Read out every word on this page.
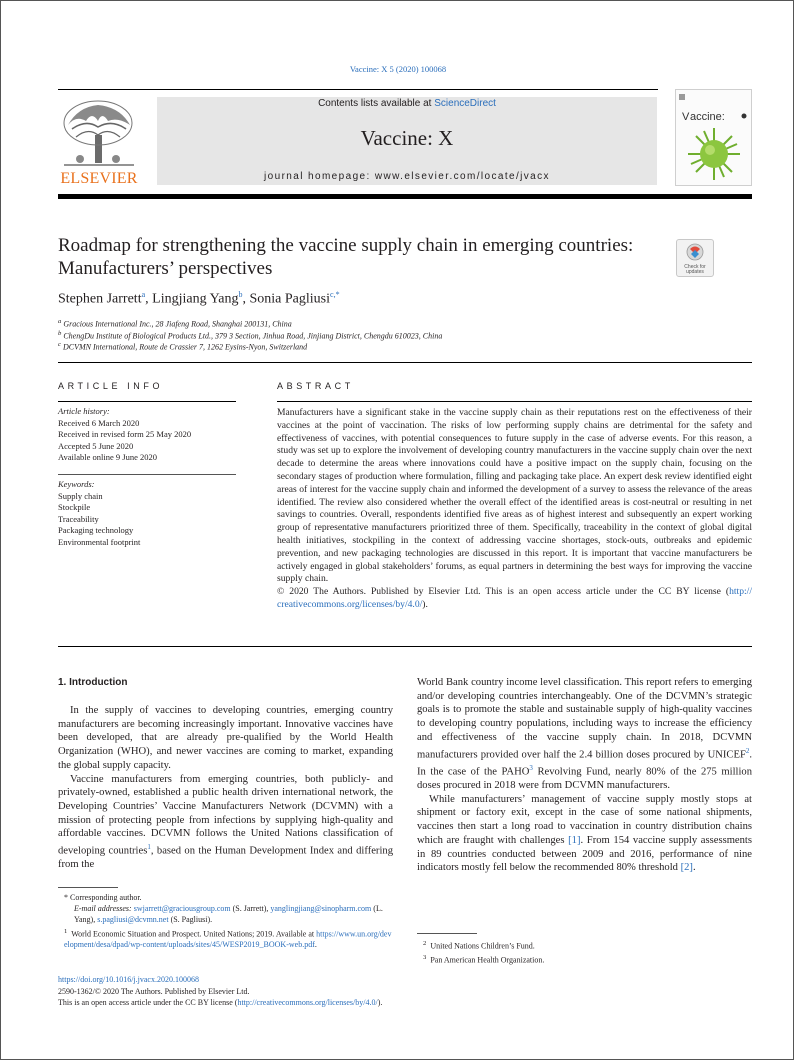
Vaccine: X 5 (2020) 100068
ELSEVIER
Contents lists available at ScienceDirect
Vaccine: X
journal homepage: www.elsevier.com/locate/jvacx
V accine:
Roadmap for strengthening the vaccine supply chain in emerging countries: Manufacturers’ perspectives	Check for
updates
Stephen Jarrett$^a$, Lingjiang Yang$^b$, Sonia Pagliusi$^{c,*}$
$^a$ Gracious International Inc., 28 Jiafeng Road, Shanghai 200131, China
$^b$ ChengDu Institute of Biological Products Ltd., 379 3 Section, Jinhua Road, Jinjiang District, Chengdu 610023, China
$^c$ DCVMN International, Route de Crassier 7, 1262 Eysins-Nyon, Switzerland
ARTICLE INFO
Article history:
Received 6 March 2020
Received in revised form 25 May 2020
Accepted 5 June 2020
Available online 9 June 2020
Keywords:
Supply chain
Stockpile
Traceability
Packaging technology
Environmental footprint
ABSTRACT
Manufacturers have a significant stake in the vaccine supply chain as their reputations rest on the effectiveness of their vaccines at the point of vaccination. The risks of low performing supply chains are detrimental for the safety and effectiveness of vaccines, with potential consequences to future supply in the case of adverse events. For this reason, a study was set up to explore the involvement of developing country manufacturers in the vaccine supply chain over the next decade to determine the areas where innovations could have a positive impact on the supply chain, focusing on the secondary stages of production where formulation, filling and packaging take place. An expert desk review identified eight areas of interest for the vaccine supply chain and informed the development of a survey to assess the relevance of the areas identified. The review also considered whether the overall effect of the identified areas is cost-neutral or resulting in net savings to countries. Overall, respondents identified five areas as of highest interest and subsequently an expert working group of representative manufacturers prioritized three of them. Specifically, traceability in the context of global digital health initiatives, stockpiling in the context of addressing vaccine shortages, stock-outs, outbreaks and epidemic prevention, and new packaging technologies are discussed in this report. It is important that vaccine manufacturers be actively engaged in global stakeholders’ forums, as equal partners in determining the best ways for improving the vaccine supply chain.
© 2020 The Authors. Published by Elsevier Ltd. This is an open access article under the CC BY license (http:// creativecommons.org/licenses/by/4.0/).
1. Introduction

In the supply of vaccines to developing countries, emerging country manufacturers are becoming increasingly important. Innovative vaccines have been developed, that are already pre-qualified by the World Health Organization (WHO), and newer vaccines are coming to market, expanding the global supply capacity.

Vaccine manufacturers from emerging countries, both publicly- and privately-owned, established a public health driven international network, the Developing Countries’ Vaccine Manufacturers Network (DCVMN) with a mission of protecting people from infections by supplying high-quality and affordable vaccines. DCVMN follows the United Nations classification of developing countries$^1$, based on the Human Development Index and differing from the

World Bank country income level classification. This report refers to emerging and/or developing countries interchangeably. One of the DCVMN’s strategic goals is to promote the stable and sustainable supply of high-quality vaccines to developing country populations, including ways to increase the efficiency and effectiveness of the vaccine supply chain. In 2018, DCVMN manufacturers provided over half the 2.4 billion doses procured by UNICEF$^2$. In the case of the PAHO$^3$ Revolving Fund, nearly 80% of the 275 million doses procured in 2018 were from DCVMN manufacturers.

While manufacturers’ management of vaccine supply mostly stops at shipment or factory exit, except in the case of some national shipments, vaccines then start a long road to vaccination in country distribution chains which are fraught with challenges [1]. From 154 vaccine supply assessments in 89 countries conducted between 2009 and 2016, performance of nine indicators mostly fell below the recommended 80% threshold [2].

* Corresponding author.
E-mail addresses: swjarrett@graciousgroup.com (S. Jarrett), yanglingjiang@sinopharm.com (L. Yang), s.pagliusi@dcvmn.net (S. Pagliusi).
$^1$ World Economic Situation and Prospect. United Nations; 2019. Available at https://www.un.org/development/desa/dpad/wp-content/uploads/sites/45/WESP2019_BOOK-web.pdf.	$^2$ United Nations Children’s Fund.
$^3$ Pan American Health Organization.
https://doi.org/10.1016/j.jvacx.2020.100068
2590-1362/© 2020 The Authors. Published by Elsevier Ltd.
This is an open access article under the CC BY license (http://creativecommons.org/licenses/by/4.0/).
